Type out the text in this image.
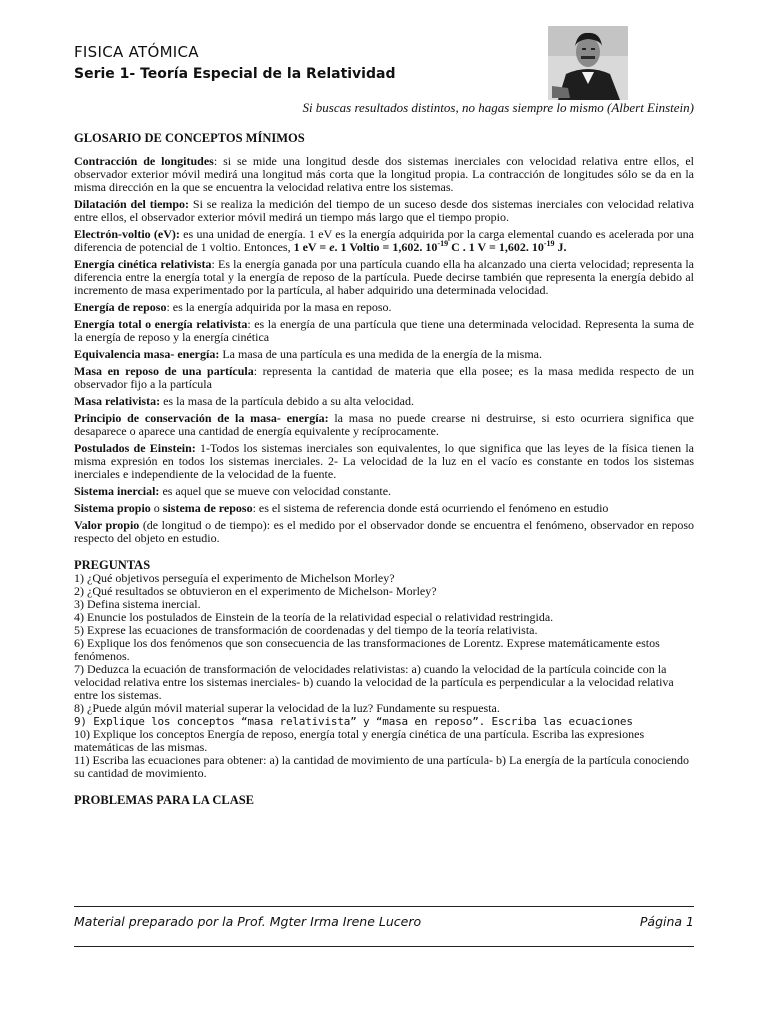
FISICA ATÓMICA
Serie 1- Teoría Especial de la Relatividad
Si buscas resultados distintos, no hagas siempre lo mismo (Albert Einstein)
GLOSARIO DE CONCEPTOS MÍNIMOS
Contracción de longitudes: si se mide una longitud desde dos sistemas inerciales con velocidad relativa entre ellos, el observador exterior móvil medirá una longitud más corta que la longitud propia. La contracción de longitudes sólo se da en la misma dirección en la que se encuentra la velocidad relativa entre los sistemas.
Dilatación del tiempo: Si se realiza la medición del tiempo de un suceso desde dos sistemas inerciales con velocidad relativa entre ellos, el observador exterior móvil medirá un tiempo más largo que el tiempo propio.
Electrón-voltio (eV): es una unidad de energía. 1 eV es la energía adquirida por la carga elemental cuando es acelerada por una diferencia de potencial de 1 voltio. Entonces, 1 eV = e. 1 Voltio = 1,602. $10^{-19}$ C . 1 V = 1,602. $10^{-19}$ J.
Energía cinética relativista: Es la energía ganada por una partícula cuando ella ha alcanzado una cierta velocidad; representa la diferencia entre la energía total y la energía de reposo de la partícula. Puede decirse también que representa la energía debido al incremento de masa experimentado por la partícula, al haber adquirido una determinada velocidad.
Energía de reposo: es la energía adquirida por la masa en reposo.
Energía total o energía relativista: es la energía de una partícula que tiene una determinada velocidad. Representa la suma de la energía de reposo y la energía cinética
Equivalencia masa- energía: La masa de una partícula es una medida de la energía de la misma.
Masa en reposo de una partícula: representa la cantidad de materia que ella posee; es la masa medida respecto de un observador fijo a la partícula
Masa relativista: es la masa de la partícula debido a su alta velocidad.
Principio de conservación de la masa- energía: la masa no puede crearse ni destruirse, si esto ocurriera significa que desaparece o aparece una cantidad de energía equivalente y recíprocamente.
Postulados de Einstein: 1-Todos los sistemas inerciales son equivalentes, lo que significa que las leyes de la física tienen la misma expresión en todos los sistemas inerciales. 2- La velocidad de la luz en el vacío es constante en todos los sistemas inerciales e independiente de la velocidad de la fuente.
Sistema inercial: es aquel que se mueve con velocidad constante.
Sistema propio o sistema de reposo: es el sistema de referencia donde está ocurriendo el fenómeno en estudio
Valor propio (de longitud o de tiempo): es el medido por el observador donde se encuentra el fenómeno, observador en reposo respecto del objeto en estudio.
PREGUNTAS
1) ¿Qué objetivos perseguía el experimento de Michelson Morley?
2) ¿Qué resultados se obtuvieron en el experimento de Michelson- Morley?
3) Defina sistema inercial.
4) Enuncie los postulados de Einstein de la teoría de la relatividad especial o relatividad restringida.
5) Exprese las ecuaciones de transformación de coordenadas y del tiempo de la teoría relativista.
6) Explique los dos fenómenos que son consecuencia de las transformaciones de Lorentz. Exprese matemáticamente estos fenómenos.
7) Deduzca la ecuación de transformación de velocidades relativistas: a) cuando la velocidad de la partícula coincide con la velocidad relativa entre los sistemas inerciales- b) cuando la velocidad de la partícula es perpendicular a la velocidad relativa entre los sistemas.
8) ¿Puede algún móvil material superar la velocidad de la luz? Fundamente su respuesta.
9) Explique los conceptos “masa relativista” y “masa en reposo”. Escriba las ecuaciones
10) Explique los conceptos Energía de reposo, energía total y energía cinética de una partícula. Escriba las expresiones matemáticas de las mismas.
11) Escriba las ecuaciones para obtener: a) la cantidad de movimiento de una partícula- b) La energía de la partícula conociendo su cantidad de movimiento.
PROBLEMAS PARA LA CLASE
Material preparado por la Prof. Mgter Irma Irene Lucero	Página 1
